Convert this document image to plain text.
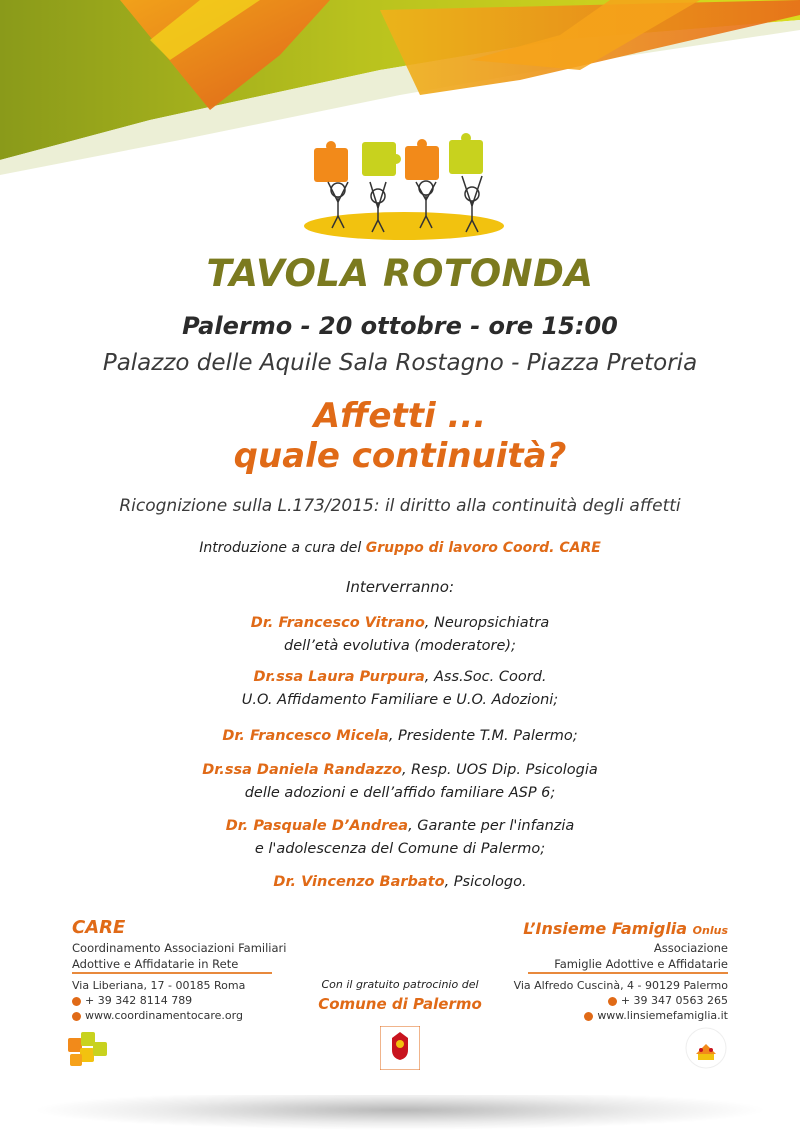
TAVOLA ROTONDA
Palermo - 20 ottobre - ore 15:00
Palazzo delle Aquile Sala Rostagno - Piazza Pretoria
Affetti ...
quale continuità?
Ricognizione sulla L.173/2015: il diritto alla continuità degli affetti
Introduzione a cura del Gruppo di lavoro Coord. CARE
Interverranno:
Dr. Francesco Vitrano, Neuropsichiatra
dell’età evolutiva (moderatore);
Dr.ssa Laura Purpura, Ass.Soc. Coord.
U.O. Affidamento Familiare e U.O. Adozioni;
Dr. Francesco Micela, Presidente T.M. Palermo;
Dr.ssa Daniela Randazzo, Resp. UOS Dip. Psicologia
delle adozioni e dell’affido familiare ASP 6;
Dr. Pasquale D’Andrea, Garante per l'infanzia
e l'adolescenza del Comune di Palermo;
Dr. Vincenzo Barbato, Psicologo.
CARE
Coordinamento Associazioni Familiari
Adottive e Affidatarie in Rete
Via Liberiana, 17 - 00185 Roma
+ 39 342 8114 789
www.coordinamentocare.org
Con il gratuito patrocinio del
Comune di Palermo
L’Insieme Famiglia Onlus
Associazione
Famiglie Adottive e Affidatarie
Via Alfredo Cuscinà, 4 - 90129 Palermo
+ 39 347 0563 265
www.linsiemefamiglia.it
